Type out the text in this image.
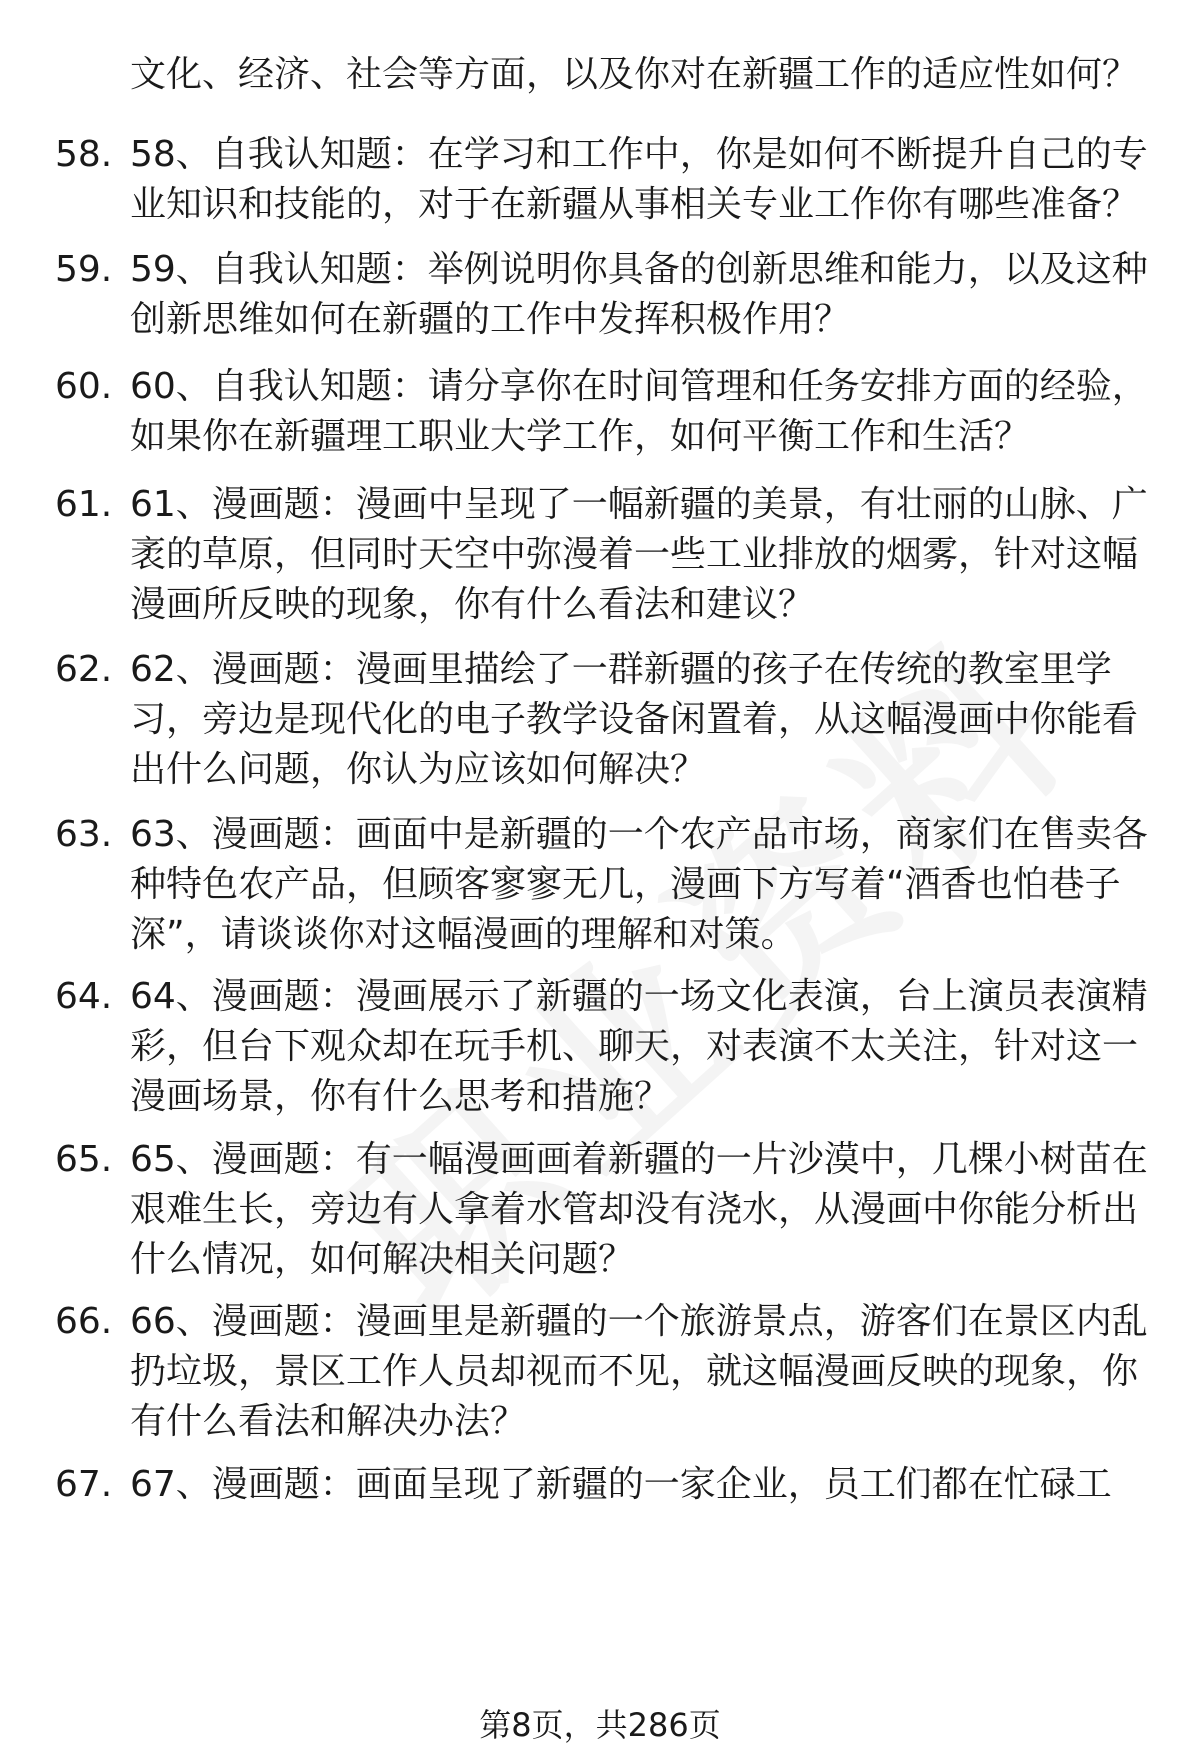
文化、经济、社会等方面，以及你对在新疆工作的适应性如何？
58. 58、自我认知题：在学习和工作中，你是如何不断提升自己的专
业知识和技能的，对于在新疆从事相关专业工作你有哪些准备？
59. 59、自我认知题：举例说明你具备的创新思维和能力，以及这种
创新思维如何在新疆的工作中发挥积极作用？
60. 60、自我认知题：请分享你在时间管理和任务安排方面的经验，
如果你在新疆理工职业大学工作，如何平衡工作和生活？
61. 61、漫画题：漫画中呈现了一幅新疆的美景，有壮丽的山脉、广
袤的草原，但同时天空中弥漫着一些工业排放的烟雾，针对这幅
漫画所反映的现象，你有什么看法和建议？
62. 62、漫画题：漫画里描绘了一群新疆的孩子在传统的教室里学
习，旁边是现代化的电子教学设备闲置着，从这幅漫画中你能看
出什么问题，你认为应该如何解决？
63. 63、漫画题：画面中是新疆的一个农产品市场，商家们在售卖各
种特色农产品，但顾客寥寥无几，漫画下方写着“酒香也怕巷子
深”，请谈谈你对这幅漫画的理解和对策。
64. 64、漫画题：漫画展示了新疆的一场文化表演，台上演员表演精
彩，但台下观众却在玩手机、聊天，对表演不太关注，针对这一
漫画场景，你有什么思考和措施？
65. 65、漫画题：有一幅漫画画着新疆的一片沙漠中，几棵小树苗在
艰难生长，旁边有人拿着水管却没有浇水，从漫画中你能分析出
什么情况，如何解决相关问题？
66. 66、漫画题：漫画里是新疆的一个旅游景点，游客们在景区内乱
扔垃圾，景区工作人员却视而不见，就这幅漫画反映的现象，你
有什么看法和解决办法？
67. 67、漫画题：画面呈现了新疆的一家企业，员工们都在忙碌工
第8页，共286页
